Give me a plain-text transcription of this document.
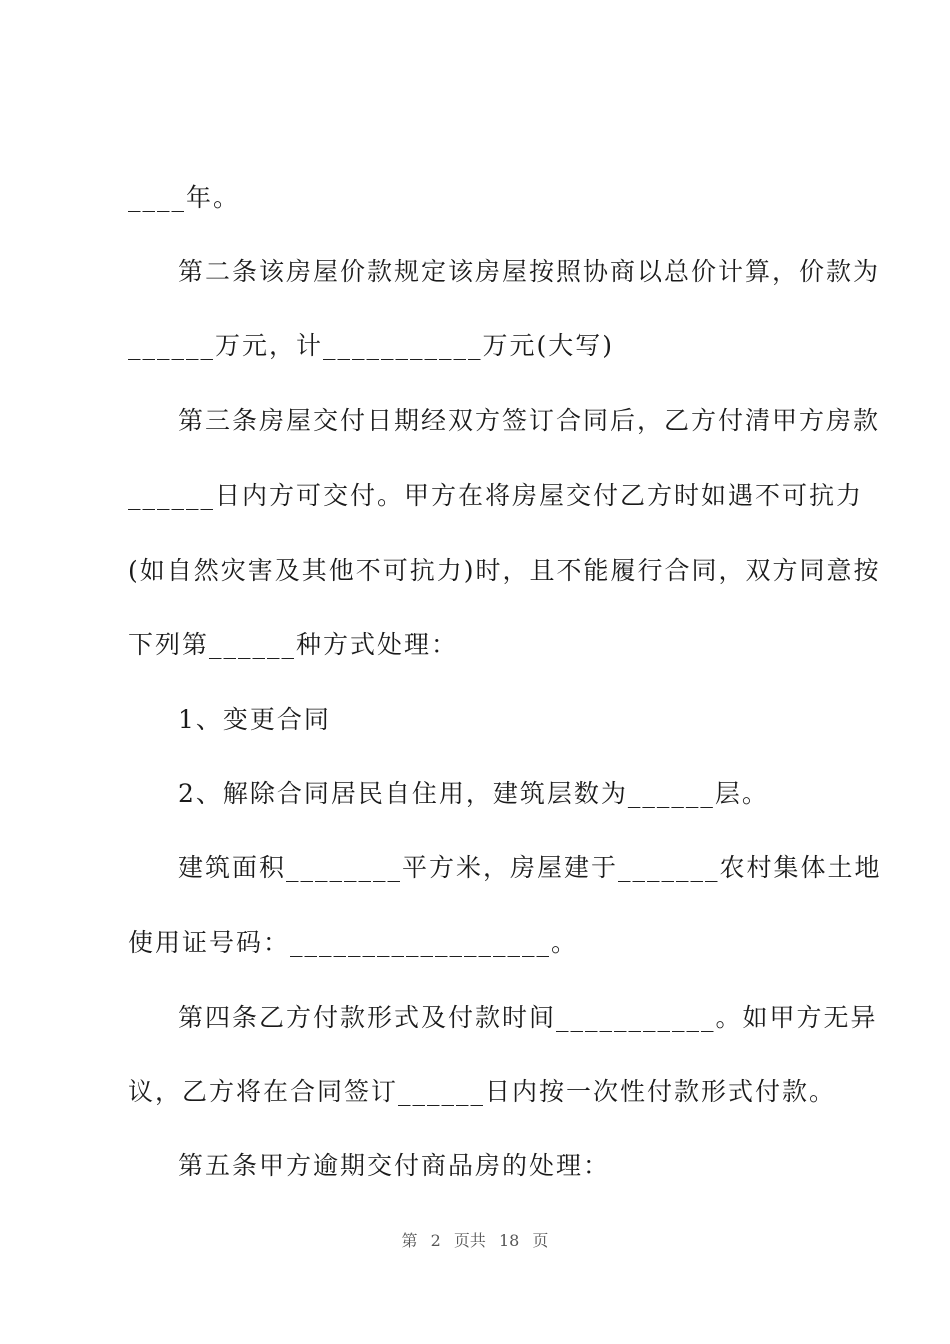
____年。
第二条该房屋价款规定该房屋按照协商以总价计算，价款为
______万元，计___________万元(大写)
第三条房屋交付日期经双方签订合同后，乙方付清甲方房款
______日内方可交付。甲方在将房屋交付乙方时如遇不可抗力
(如自然灾害及其他不可抗力)时，且不能履行合同，双方同意按
下列第______种方式处理：
1、变更合同
2、解除合同居民自住用，建筑层数为______层。
建筑面积________平方米，房屋建于_______农村集体土地
使用证号码：__________________。
第四条乙方付款形式及付款时间___________。如甲方无异
议，乙方将在合同签订______日内按一次性付款形式付款。
第五条甲方逾期交付商品房的处理：
第 2 页共 18 页
